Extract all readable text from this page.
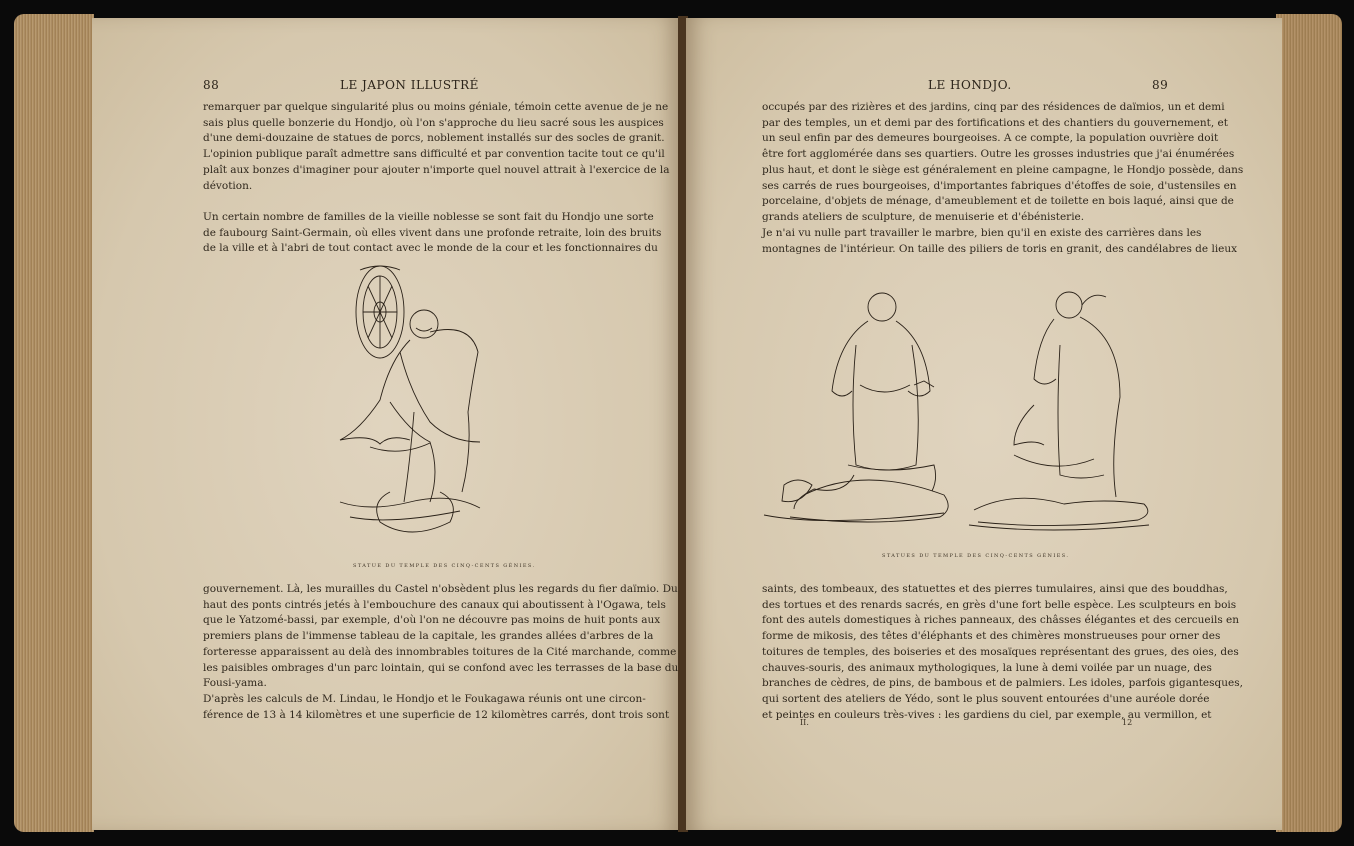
88	LE JAPON ILLUSTRÉ
remarquer par quelque singularité plus ou moins géniale, témoin cette avenue de je ne
sais plus quelle bonzerie du Hondjo, où l'on s'approche du lieu sacré sous les auspices
d'une demi-douzaine de statues de porcs, noblement installés sur des socles de granit.
L'opinion publique paraît admettre sans difficulté et par convention tacite tout ce qu'il
plaît aux bonzes d'imaginer pour ajouter n'importe quel nouvel attrait à l'exercice de la
dévotion.
Un certain nombre de familles de la vieille noblesse se sont fait du Hondjo une sorte
de faubourg Saint-Germain, où elles vivent dans une profonde retraite, loin des bruits
de la ville et à l'abri de tout contact avec le monde de la cour et les fonctionnaires du
STATUE DU TEMPLE DES CINQ-CENTS GÉNIES.
gouvernement. Là, les murailles du Castel n'obsèdent plus les regards du fier daïmio. Du
haut des ponts cintrés jetés à l'embouchure des canaux qui aboutissent à l'Ogawa, tels
que le Yatzomé-bassi, par exemple, d'où l'on ne découvre pas moins de huit ponts aux
premiers plans de l'immense tableau de la capitale, les grandes allées d'arbres de la
forteresse apparaissent au delà des innombrables toitures de la Cité marchande, comme
les paisibles ombrages d'un parc lointain, qui se confond avec les terrasses de la base du
Fousi-yama.
D'après les calculs de M. Lindau, le Hondjo et le Foukagawa réunis ont une circon-
férence de 13 à 14 kilomètres et une superficie de 12 kilomètres carrés, dont trois sont
LE HONDJO.	89
occupés par des rizières et des jardins, cinq par des résidences de daïmios, un et demi
par des temples, un et demi par des fortifications et des chantiers du gouvernement, et
un seul enfin par des demeures bourgeoises. A ce compte, la population ouvrière doit
être fort agglomérée dans ses quartiers. Outre les grosses industries que j'ai énumérées
plus haut, et dont le siège est généralement en pleine campagne, le Hondjo possède, dans
ses carrés de rues bourgeoises, d'importantes fabriques d'étoffes de soie, d'ustensiles en
porcelaine, d'objets de ménage, d'ameublement et de toilette en bois laqué, ainsi que de
grands ateliers de sculpture, de menuiserie et d'ébénisterie.
Je n'ai vu nulle part travailler le marbre, bien qu'il en existe des carrières dans les
montagnes de l'intérieur. On taille des piliers de toris en granit, des candélabres de lieux
STATUES DU TEMPLE DES CINQ-CENTS GÉNIES.
saints, des tombeaux, des statuettes et des pierres tumulaires, ainsi que des bouddhas,
des tortues et des renards sacrés, en grès d'une fort belle espèce. Les sculpteurs en bois
font des autels domestiques à riches panneaux, des châsses élégantes et des cercueils en
forme de mikosis, des têtes d'éléphants et des chimères monstrueuses pour orner des
toitures de temples, des boiseries et des mosaïques représentant des grues, des oies, des
chauves-souris, des animaux mythologiques, la lune à demi voilée par un nuage, des
branches de cèdres, de pins, de bambous et de palmiers. Les idoles, parfois gigantesques,
qui sortent des ateliers de Yédo, sont le plus souvent entourées d'une auréole dorée
et peintes en couleurs très-vives : les gardiens du ciel, par exemple, au vermillon, et
II.	12
